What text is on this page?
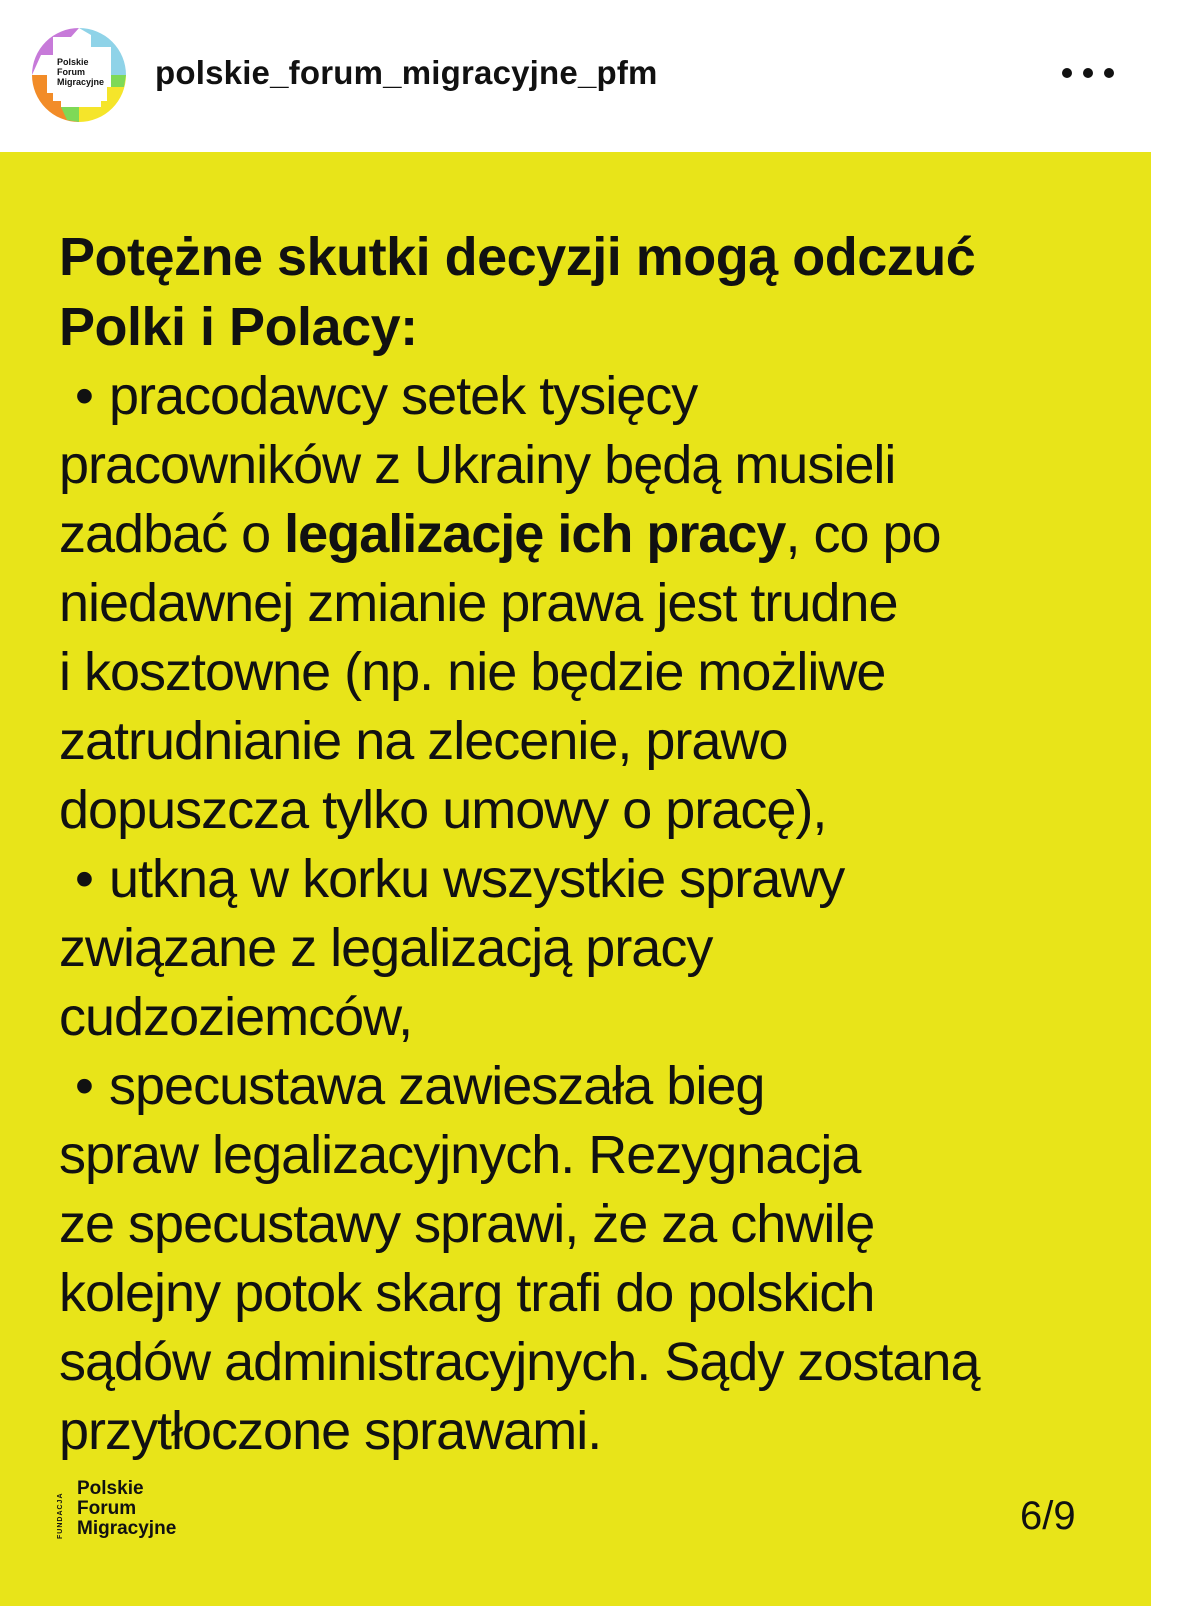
Polskie
Forum
Migracyjne	polskie_forum_migracyjne_pfm
Potężne skutki decyzji mogą odczuć
Polki i Polacy:

• pracodawcy setek tysięcy
pracowników z Ukrainy będą musieli
zadbać o legalizację ich pracy, co po
niedawnej zmianie prawa jest trudne
i kosztowne (np. nie będzie możliwe
zatrudnianie na zlecenie, prawo
dopuszcza tylko umowy o pracę),

• utkną w korku wszystkie sprawy
związane z legalizacją pracy
cudzoziemców,

• specustawa zawieszała bieg
spraw legalizacyjnych. Rezygnacja
ze specustawy sprawi, że za chwilę
kolejny potok skarg trafi do polskich
sądów administracyjnych. Sądy zostaną
przytłoczone sprawami.

FUNDACJA
Polskie
Forum
Migracyjne	6/9
